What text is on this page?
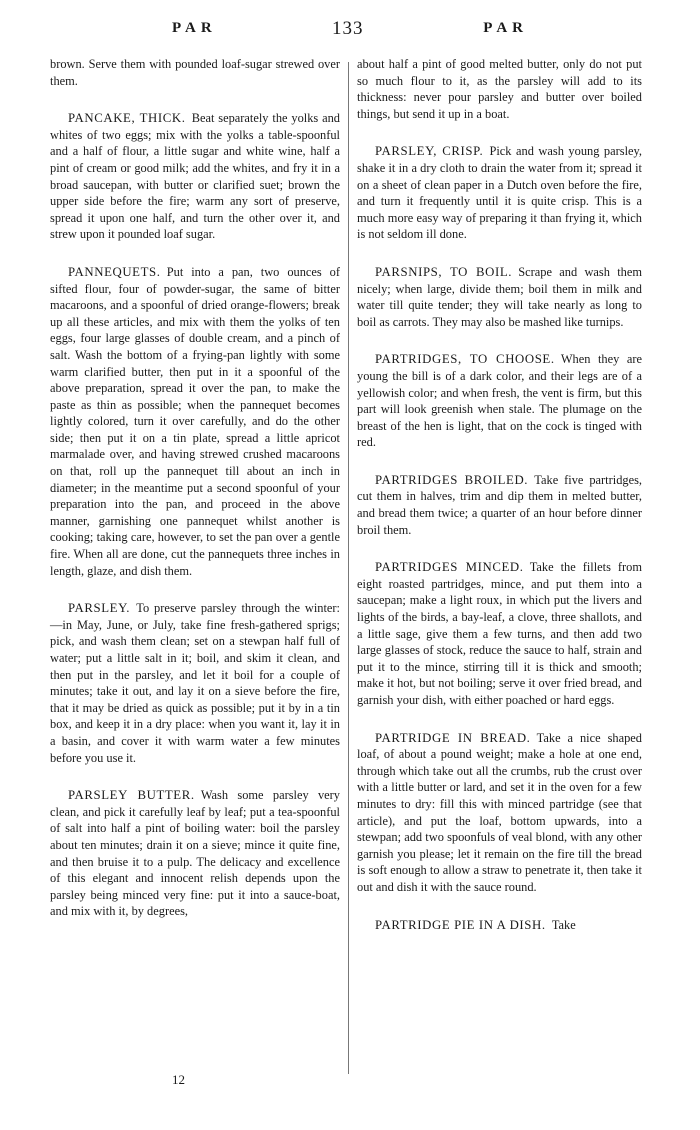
PAR	133	PAR

brown. Serve them with pounded loaf-sugar strewed over them.

PANCAKE, THICK.  Beat separately the yolks and whites of two eggs; mix with the yolks a table-spoonful and a half of flour, a little sugar and white wine, half a pint of cream or good milk; add the whites, and fry it in a broad saucepan, with butter or clarified suet; brown the upper side before the fire; warm any sort of preserve, spread it upon one half, and turn the other over it, and strew upon it pounded loaf sugar.

PANNEQUETS.  Put into a pan, two ounces of sifted flour, four of powder-sugar, the same of bitter macaroons, and a spoonful of dried orange-flowers; break up all these articles, and mix with them the yolks of ten eggs, four large glasses of double cream, and a pinch of salt. Wash the bottom of a frying-pan lightly with some warm clarified butter, then put in it a spoonful of the above preparation, spread it over the pan, to make the paste as thin as possible; when the pannequet becomes lightly colored, turn it over carefully, and do the other side; then put it on a tin plate, spread a little apricot marmalade over, and having strewed crushed macaroons on that, roll up the pannequet till about an inch in diameter; in the meantime put a second spoonful of your preparation into the pan, and proceed in the above manner, garnishing one pannequet whilst another is cooking; taking care, however, to set the pan over a gentle fire. When all are done, cut the pannequets three inches in length, glaze, and dish them.

PARSLEY.  To preserve parsley through the winter:—in May, June, or July, take fine fresh-gathered sprigs; pick, and wash them clean; set on a stewpan half full of water; put a little salt in it; boil, and skim it clean, and then put in the parsley, and let it boil for a couple of minutes; take it out, and lay it on a sieve before the fire, that it may be dried as quick as possible; put it by in a tin box, and keep it in a dry place: when you want it, lay it in a basin, and cover it with warm water a few minutes before you use it.

PARSLEY BUTTER.  Wash some parsley very clean, and pick it carefully leaf by leaf; put a tea-spoonful of salt into half a pint of boiling water: boil the parsley about ten minutes; drain it on a sieve; mince it quite fine, and then bruise it to a pulp. The delicacy and excellence of this elegant and innocent relish depends upon the parsley being minced very fine: put it into a sauce-boat, and mix with it, by degrees,

about half a pint of good melted butter, only do not put so much flour to it, as the parsley will add to its thickness: never pour parsley and butter over boiled things, but send it up in a boat.

PARSLEY, CRISP.  Pick and wash young parsley, shake it in a dry cloth to drain the water from it; spread it on a sheet of clean paper in a Dutch oven before the fire, and turn it frequently until it is quite crisp. This is a much more easy way of preparing it than frying it, which is not seldom ill done.

PARSNIPS, TO BOIL.  Scrape and wash them nicely; when large, divide them; boil them in milk and water till quite tender; they will take nearly as long to boil as carrots. They may also be mashed like turnips.

PARTRIDGES, TO CHOOSE.  When they are young the bill is of a dark color, and their legs are of a yellowish color; and when fresh, the vent is firm, but this part will look greenish when stale. The plumage on the breast of the hen is light, that on the cock is tinged with red.

PARTRIDGES BROILED.  Take five partridges, cut them in halves, trim and dip them in melted butter, and bread them twice; a quarter of an hour before dinner broil them.

PARTRIDGES MINCED.  Take the fillets from eight roasted partridges, mince, and put them into a saucepan; make a light roux, in which put the livers and lights of the birds, a bay-leaf, a clove, three shallots, and a little sage, give them a few turns, and then add two large glasses of stock, reduce the sauce to half, strain and put it to the mince, stirring till it is thick and smooth; make it hot, but not boiling; serve it over fried bread, and garnish your dish, with either poached or hard eggs.

PARTRIDGE IN BREAD.  Take a nice shaped loaf, of about a pound weight; make a hole at one end, through which take out all the crumbs, rub the crust over with a little butter or lard, and set it in the oven for a few minutes to dry: fill this with minced partridge (see that article), and put the loaf, bottom upwards, into a stewpan; add two spoonfuls of veal blond, with any other garnish you please; let it remain on the fire till the bread is soft enough to allow a straw to penetrate it, then take it out and dish it with the sauce round.

PARTRIDGE PIE IN A DISH.  Take

12
